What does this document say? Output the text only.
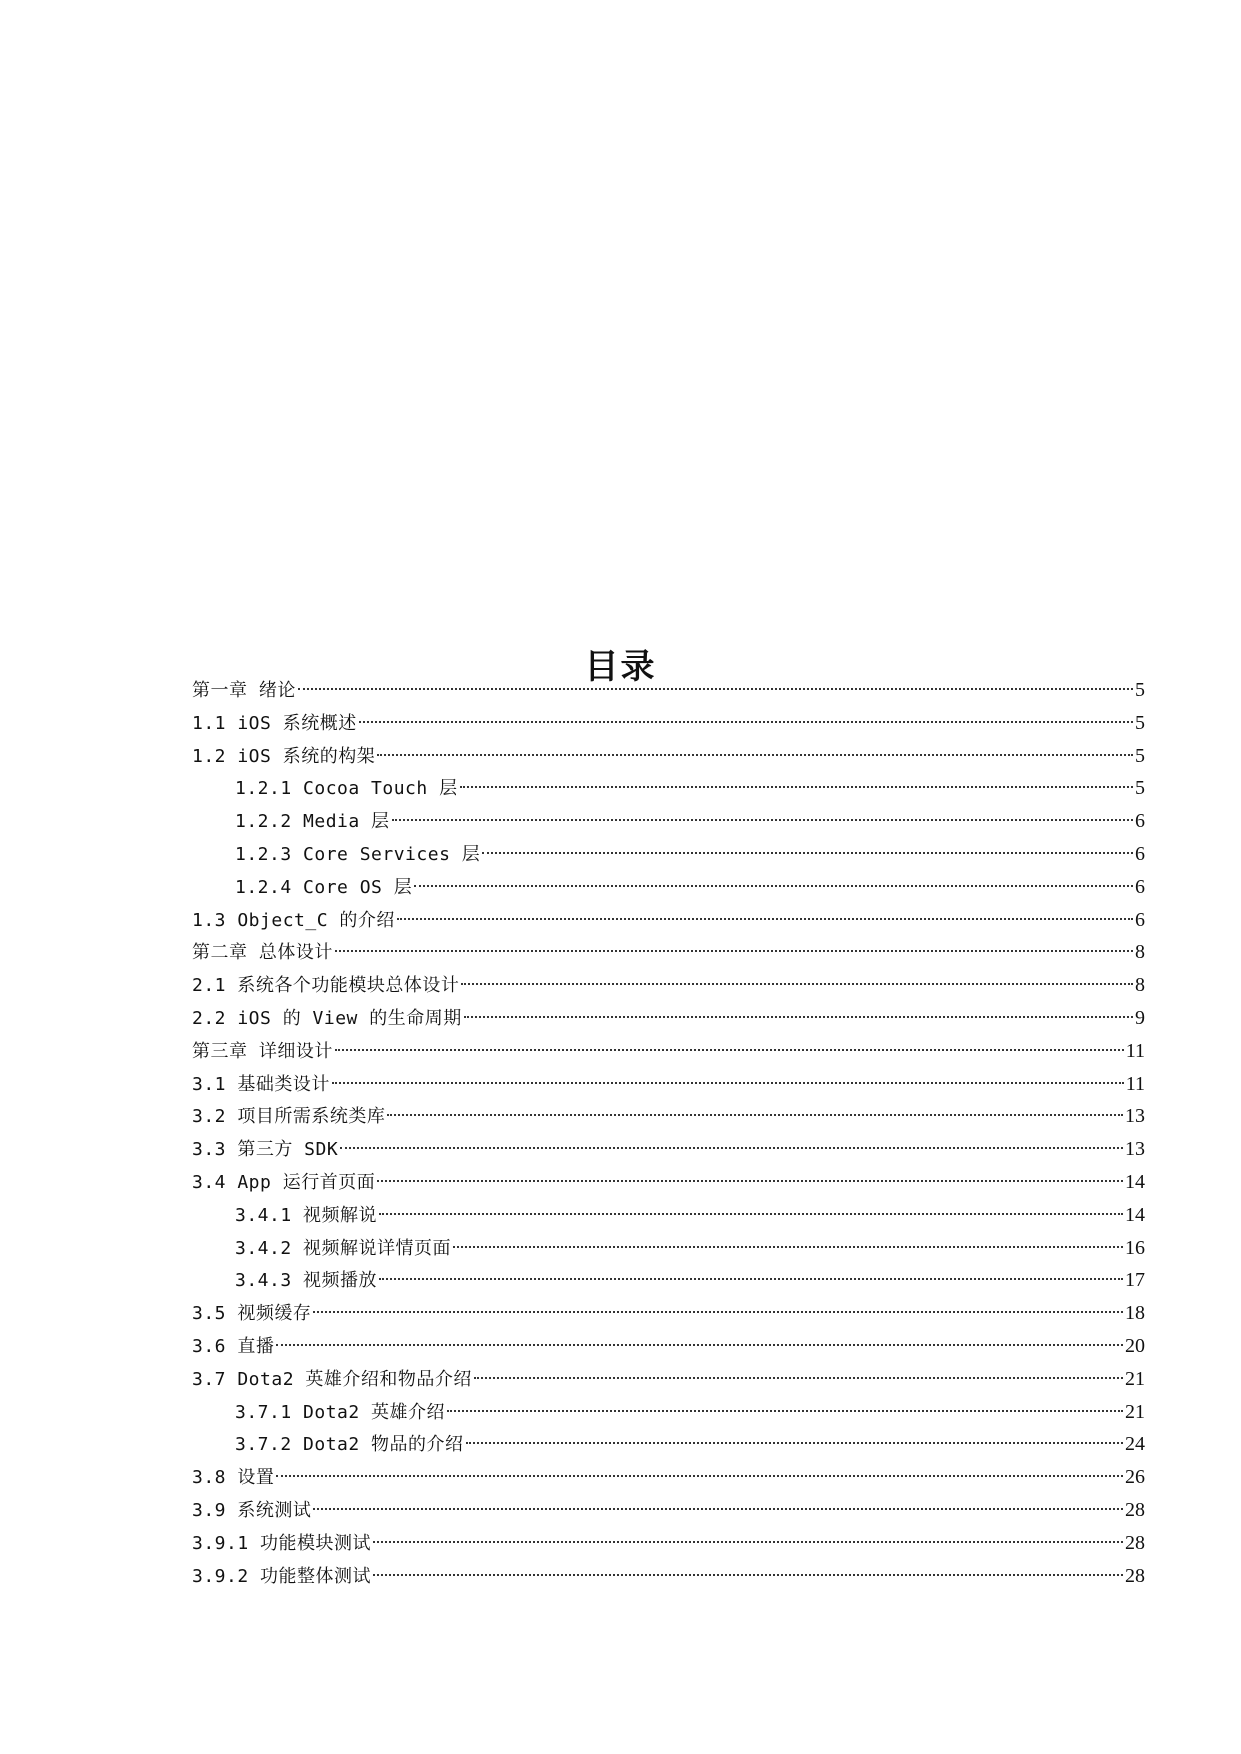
目录
第一章 绪论	5
1.1 iOS 系统概述	5
1.2 iOS 系统的构架	5
1.2.1 Cocoa Touch 层	5
1.2.2 Media 层	6
1.2.3 Core Services 层	6
1.2.4 Core OS 层	6
1.3 Object_C 的介绍	6
第二章 总体设计	8
2.1 系统各个功能模块总体设计	8
2.2 iOS 的 View 的生命周期	9
第三章 详细设计	11
3.1 基础类设计	11
3.2 项目所需系统类库	13
3.3 第三方 SDK	13
3.4 App 运行首页面	14
3.4.1 视频解说	14
3.4.2 视频解说详情页面	16
3.4.3 视频播放	17
3.5 视频缓存	18
3.6 直播	20
3.7 Dota2 英雄介绍和物品介绍	21
3.7.1 Dota2 英雄介绍	21
3.7.2 Dota2 物品的介绍	24
3.8 设置	26
3.9 系统测试	28
3.9.1 功能模块测试	28
3.9.2 功能整体测试	28
